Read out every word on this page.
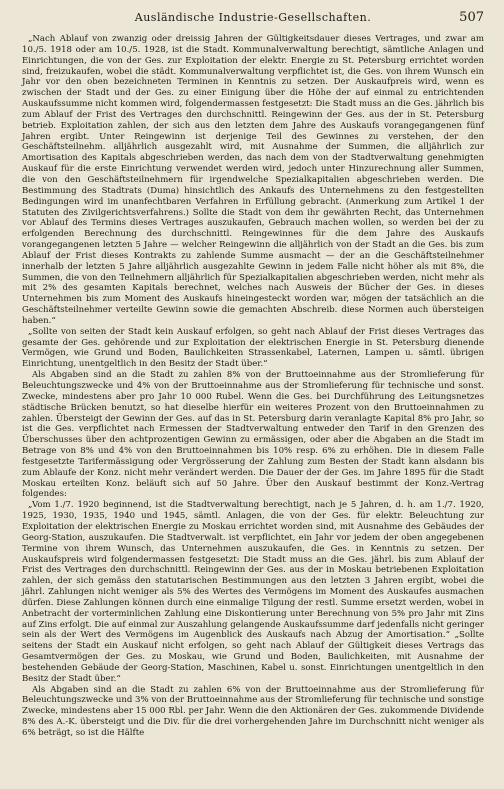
Ausländische Industrie-Gesellschaften.	507

„Nach Ablauf von zwanzig oder dreissig Jahren der Gültigkeitsdauer dieses Vertrages, und zwar am 10./5. 1918 oder am 10./5. 1928, ist die Stadt. Kommunalverwaltung berechtigt, sämtliche Anlagen und Einrichtungen, die von der Ges. zur Exploitation der elektr. Energie zu St. Petersburg errichtet worden sind, freizukaufen, wobei die städt. Kommunalverwaltung verpflichtet ist, die Ges. von ihrem Wunsch ein Jahr vor den oben bezeichneten Terminen in Kenntnis zu setzen. Der Auskaufpreis wird, wenn es zwischen der Stadt und der Ges. zu einer Einigung über die Höhe der auf einmal zu entrichtenden Auskaufssumme nicht kommen wird, folgendermassen festgesetzt: Die Stadt muss an die Ges. jährlich bis zum Ablauf der Frist des Vertrages den durchschnittl. Reingewinn der Ges. aus der in St. Petersburg betrieb. Exploitation zahlen, der sich aus den letzten dem Jahre des Auskaufs vorangegangenen fünf Jahren ergibt. Unter Reingewinn ist derjenige Teil des Gewinnes zu verstehen, der den Geschäftsteilnehm. alljährlich ausgezahlt wird, mit Ausnahme der Summen, die alljährlich zur Amortisation des Kapitals abgeschrieben werden, das nach dem von der Stadtverwaltung genehmigten Auskauf für die erste Einrichtung verwendet werden wird, jedoch unter Hinzurechnung aller Summen, die von den Geschäftsteilnehmern für irgendwelche Spezialkapitalien abgeschrieben werden. Die Bestimmung des Stadtrats (Duma) hinsichtlich des Ankaufs des Unternehmens zu den festgestellten Bedingungen wird im unanfechtbaren Verfahren in Erfüllung gebracht. (Anmerkung zum Artikel 1 der Statuten des Zivilgerichtsverfahrens.) Sollte die Stadt von dem ihr gewährten Recht, das Unternehmen vor Ablauf des Termins dieses Vertrages auszukaufen, Gebrauch machen wollen, so werden bei der zu erfolgenden Berechnung des durchschnittl. Reingewinnes für die dem Jahre des Auskaufs vorangegangenen letzten 5 Jahre — welcher Reingewinn die alljährlich von der Stadt an die Ges. bis zum Ablauf der Frist dieses Kontrakts zu zahlende Summe ausmacht — der an die Geschäftsteilnehmer innerhalb der letzten 5 Jahre alljährlich ausgezahlte Gewinn in jedem Falle nicht höher als mit 8%, die Summen, die von den Teilnehmern alljährlich für Spezialkapitalien abgeschrieben werden, nicht mehr als mit 2% des gesamten Kapitals berechnet, welches nach Ausweis der Bücher der Ges. in dieses Unternehmen bis zum Moment des Auskaufs hineingesteckt worden war, mögen der tatsächlich an die Geschäftsteilnehmer verteilte Gewinn sowie die gemachten Abschreib. diese Normen auch übersteigen haben.“

„Sollte von seiten der Stadt kein Auskauf erfolgen, so geht nach Ablauf der Frist dieses Vertrages das gesamte der Ges. gehörende und zur Exploitation der elektrischen Energie in St. Petersburg dienende Vermögen, wie Grund und Boden, Baulichkeiten Strassenkabel, Laternen, Lampen u. sämtl. übrigen Einrichtung, unentgeltlich in den Besitz der Stadt über.“

Als Abgaben sind an die Stadt zu zahlen 8% von der Bruttoeinnahme aus der Stromlieferung für Beleuchtungszwecke und 4% von der Bruttoeinnahme aus der Stromlieferung für technische und sonst. Zwecke, mindestens aber pro Jahr 10 000 Rubel. Wenn die Ges. bei Durchführung des Leitungsnetzes städtische Brücken benutzt, so hat dieselbe hierfür ein weiteres Prozent von den Bruttoeinnahmen zu zahlen. Übersteigt der Gewinn der Ges. auf das in St. Petersburg darin veranlagte Kapital 8% pro Jahr, so ist die Ges. verpflichtet nach Ermessen der Stadtverwaltung entweder den Tarif in den Grenzen des Überschusses über den achtprozentigen Gewinn zu ermässigen, oder aber die Abgaben an die Stadt im Betrage von 8% und 4% von den Bruttoeinnahmen bis 10% resp. 6% zu erhöhen. Die in diesem Falle festgesetzte Tarifermässigung oder Vergrösserung der Zahlung zum Besten der Stadt kann alsdann bis zum Ablaufe der Konz. nicht mehr verändert werden. Die Dauer der der Ges. im Jahre 1895 für die Stadt Moskau erteilten Konz. beläuft sich auf 50 Jahre. Über den Auskauf bestimmt der Konz.-Vertrag folgendes:

„Vom 1./7. 1920 beginnend, ist die Stadtverwaltung berechtigt, nach je 5 Jahren, d. h. am 1./7. 1920, 1925, 1930, 1935, 1940 und 1945, sämtl. Anlagen, die von der Ges. für elektr. Beleuchtung zur Exploitation der elektrischen Energie zu Moskau errichtet worden sind, mit Ausnahme des Gebäudes der Georg-Station, auszukaufen. Die Stadtverwalt. ist verpflichtet, ein Jahr vor jedem der oben angegebenen Termine von ihrem Wunsch, das Unternehmen auszukaufen, die Ges. in Kenntnis zu setzen. Der Auskaufspreis wird folgendermassen festgesetzt: Die Stadt muss an die Ges. jährl. bis zum Ablauf der Frist des Vertrages den durchschnittl. Reingewinn der Ges. aus der in Moskau betriebenen Exploitation zahlen, der sich gemäss den statutarischen Bestimmungen aus den letzten 3 Jahren ergibt, wobei die jährl. Zahlungen nicht weniger als 5% des Wertes des Vermögens im Moment des Auskaufes ausmachen dürfen. Diese Zahlungen können durch eine einmalige Tilgung der restl. Summe ersetzt werden, wobei in Anbetracht der vorterminlichen Zahlung eine Diskontierung unter Berechnung von 5% pro Jahr mit Zins auf Zins erfolgt. Die auf einmal zur Auszahlung gelangende Auskaufssumme darf jedenfalls nicht geringer sein als der Wert des Vermögens im Augenblick des Auskaufs nach Abzug der Amortisation.“ „Sollte seitens der Stadt ein Auskauf nicht erfolgen, so geht nach Ablauf der Gültigkeit dieses Vertrags das Gesamtvermögen der Ges. zu Moskau, wie Grund und Boden, Baulichkeiten, mit Ausnahme der bestehenden Gebäude der Georg-Station, Maschinen, Kabel u. sonst. Einrichtungen unentgeltlich in den Besitz der Stadt über.“

Als Abgaben sind an die Stadt zu zahlen 6% von der Bruttoeinnahme aus der Stromlieferung für Beleuchtungszwecke und 3% von der Bruttoeinnahme aus der Stromlieferung für technische und sonstige Zwecke, mindestens aber 15 000 Rbl. per Jahr. Wenn die den Aktionären der Ges. zukommende Dividende 8% des A.-K. übersteigt und die Div. für die drei vorhergehenden Jahre im Durchschnitt nicht weniger als 6% beträgt, so ist die Hälfte
